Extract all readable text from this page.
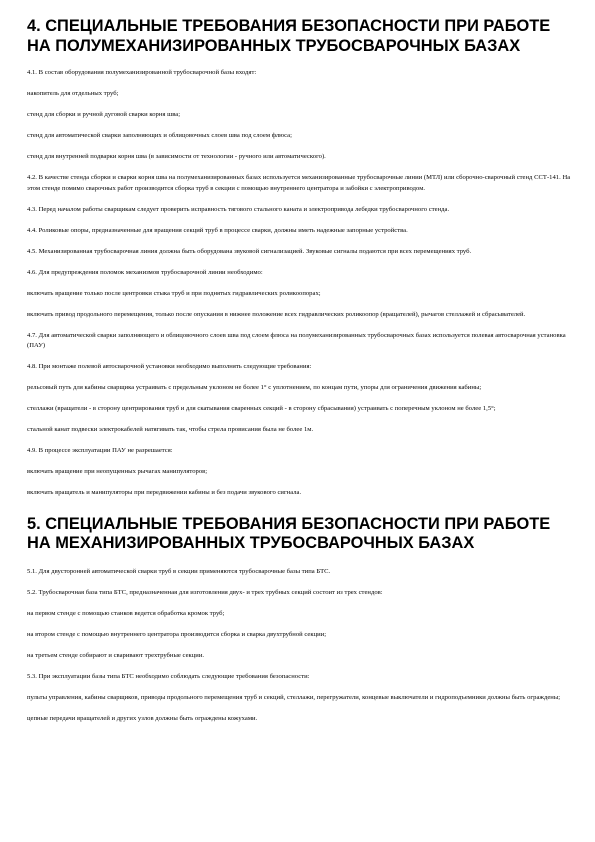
4. СПЕЦИАЛЬНЫЕ ТРЕБОВАНИЯ БЕЗОПАСНОСТИ ПРИ РАБОТЕ НА ПОЛУМЕХАНИЗИРОВАННЫХ ТРУБОСВАРОЧНЫХ БАЗАХ

4.1. В состав оборудования полумеханизированной трубосварочной базы входят:

накопитель для отдельных труб;

стенд для сборки и ручной дуговой сварки корня шва;

стенд для автоматической сварки заполняющих и облицовочных слоев шва под слоем флюса;

стенд для внутренней подварки корня шва (в зависимости от технологии - ручного или автоматического).

4.2. В качестве стенда сборки и сварки корня шва на полумеханизированных базах используется механизированные трубосварочные линии (МТЛ) или сборочно-сварочный стенд ССТ-141. На этом стенде помимо сварочных работ производится сборка труб в секции с помощью внутреннего центратора и забойки с электроприводом.

4.3. Перед началом работы сварщикам следует проверить исправность тягового стального каната и электропривода лебедки трубосварочного стенда.

4.4. Роликовые опоры, предназначенные для вращения секций труб в процессе сварки, должны иметь надежные запорные устройства.

4.5. Механизированная трубосварочная линия должна быть оборудована звуковой сигнализацией. Звуковые сигналы подаются при всех перемещениях труб.

4.6. Для предупреждения поломок механизмов трубосварочной линии необходимо:

включать вращение только после центровки стыка труб и при поднятых гидравлических роликоопорах;

включать привод продольного перемещения, только после опускания в нижнее положение всех гидравлических роликоопор (вращателей), рычагов стеллажей и сбрасывателей.

4.7. Для автоматической сварки заполняющего и облицовочного слоев шва под слоем флюса на полумеханизированных трубосварочных базах используется полевая автосварочная установка (ПАУ)

4.8. При монтаже полевой автосварочной установки необходимо выполнять следующие требования:

рельсовый путь для кабины сварщика устраивать с предельным уклоном не более 1° с уплотнением, по концам пути, упоры для ограничения движения кабины;

стеллажи (вращатели - в сторону центрирования труб и для скатывания сваренных секций - в сторону сбрасывания) устраивать с поперечным уклоном не более 1,5°;

стальной канат подвески электрокабелей натягивать так, чтобы стрела провисания была не более 1м.

4.9. В процессе эксплуатации ПАУ не разрешается:

включать вращение при неопущенных рычагах манипуляторов;

включать вращатель и манипуляторы при передвижении кабины и без подачи звукового сигнала.

5. СПЕЦИАЛЬНЫЕ ТРЕБОВАНИЯ БЕЗОПАСНОСТИ ПРИ РАБОТЕ НА МЕХАНИЗИРОВАННЫХ ТРУБОСВАРОЧНЫХ БАЗАХ

5.1. Для двусторонней автоматической сварки труб в секции применяются трубосварочные базы типа БТС.

5.2. Трубосварочная база типа БТС, предназначенная для изготовления двух- и трех трубных секций состоит из трех стендов:

на первом стенде с помощью станков ведется обработка кромок труб;

на втором стенде с помощью внутреннего центратора производится сборка и сварка двухтрубной секции;

на третьем стенде собирают и сваривают трехтрубные секции.

5.3. При эксплуатации базы типа БТС необходимо соблюдать следующие требования безопасности:

пульты управления, кабины сварщиков, приводы продольного перемещения труб и секций, стеллажи, перегружатели, концевые выключатели и гидроподъемники должны быть ограждены;

цепные передачи вращателей и других узлов должны быть ограждены кожухами.
